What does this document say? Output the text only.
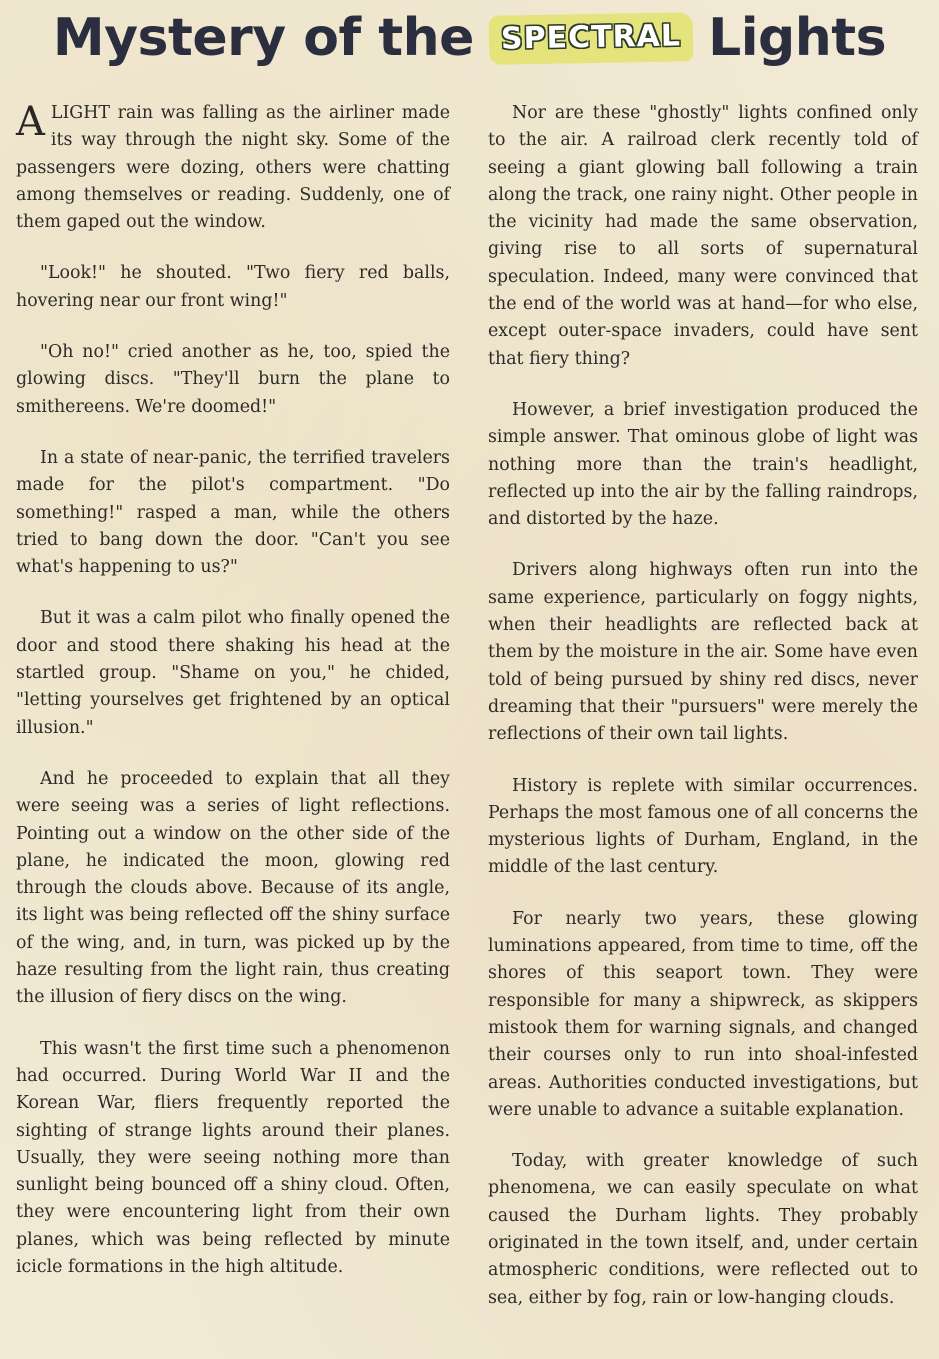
Mystery of the SPECTRAL Lights

ALIGHT rain was falling as the airliner made its way through the night sky. Some of the passengers were dozing, others were chatting among themselves or reading. Suddenly, one of them gaped out the window.

"Look!" he shouted. "Two fiery red balls, hovering near our front wing!"

"Oh no!" cried another as he, too, spied the glowing discs. "They'll burn the plane to smithereens. We're doomed!"

In a state of near-panic, the terrified travelers made for the pilot's compartment. "Do something!" rasped a man, while the others tried to bang down the door. "Can't you see what's happening to us?"

But it was a calm pilot who finally opened the door and stood there shaking his head at the startled group. "Shame on you," he chided, "letting yourselves get frightened by an optical illusion."

And he proceeded to explain that all they were seeing was a series of light reflections. Pointing out a window on the other side of the plane, he indicated the moon, glowing red through the clouds above. Because of its angle, its light was being reflected off the shiny surface of the wing, and, in turn, was picked up by the haze resulting from the light rain, thus creating the illusion of fiery discs on the wing.

This wasn't the first time such a phenomenon had occurred. During World War II and the Korean War, fliers frequently reported the sighting of strange lights around their planes. Usually, they were seeing nothing more than sunlight being bounced off a shiny cloud. Often, they were encountering light from their own planes, which was being reflected by minute icicle formations in the high altitude.

Nor are these "ghostly" lights confined only to the air. A railroad clerk recently told of seeing a giant glowing ball following a train along the track, one rainy night. Other people in the vicinity had made the same observation, giving rise to all sorts of supernatural speculation. Indeed, many were convinced that the end of the world was at hand—for who else, except outer-space invaders, could have sent that fiery thing?

However, a brief investigation produced the simple answer. That ominous globe of light was nothing more than the train's headlight, reflected up into the air by the falling raindrops, and distorted by the haze.

Drivers along highways often run into the same experience, particularly on foggy nights, when their headlights are reflected back at them by the moisture in the air. Some have even told of being pursued by shiny red discs, never dreaming that their "pursuers" were merely the reflections of their own tail lights.

History is replete with similar occurrences. Perhaps the most famous one of all concerns the mysterious lights of Durham, England, in the middle of the last century.

For nearly two years, these glowing luminations appeared, from time to time, off the shores of this seaport town. They were responsible for many a shipwreck, as skippers mistook them for warning signals, and changed their courses only to run into shoal-infested areas. Authorities conducted investigations, but were unable to advance a suitable explanation.

Today, with greater knowledge of such phenomena, we can easily speculate on what caused the Durham lights. They probably originated in the town itself, and, under certain atmospheric conditions, were reflected out to sea, either by fog, rain or low-hanging clouds.
